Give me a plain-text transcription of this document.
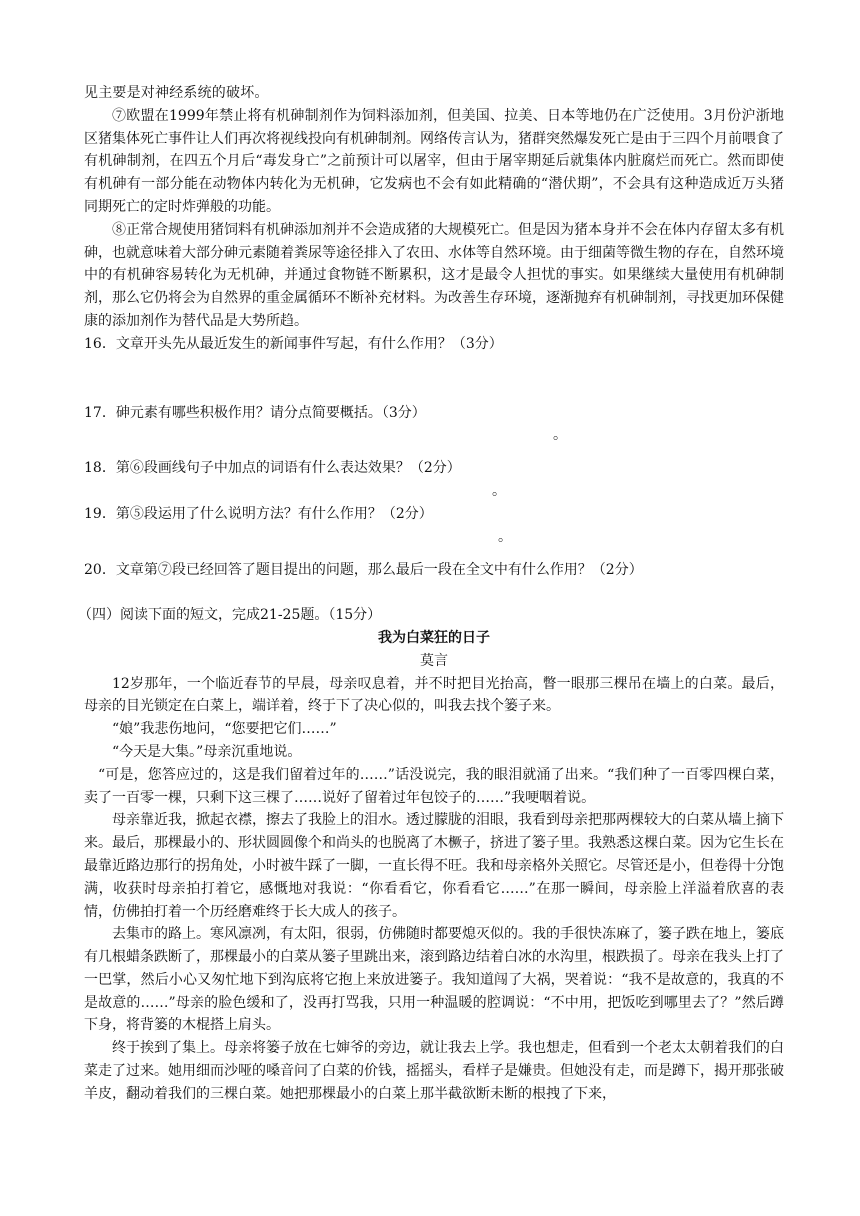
见主要是对神经系统的破坏。
⑦欧盟在1999年禁止将有机砷制剂作为饲料添加剂，但美国、拉美、日本等地仍在广泛使用。3月份沪浙地区猪集体死亡事件让人们再次将视线投向有机砷制剂。网络传言认为，猪群突然爆发死亡是由于三四个月前喂食了有机砷制剂，在四五个月后“毒发身亡”之前预计可以屠宰，但由于屠宰期延后就集体内脏腐烂而死亡。然而即使有机砷有一部分能在动物体内转化为无机砷，它发病也不会有如此精确的“潜伏期”，不会具有这种造成近万头猪同期死亡的定时炸弹般的功能。
⑧正常合规使用猪饲料有机砷添加剂并不会造成猪的大规模死亡。但是因为猪本身并不会在体内存留太多有机砷，也就意味着大部分砷元素随着粪尿等途径排入了农田、水体等自然环境。由于细菌等微生物的存在，自然环境中的有机砷容易转化为无机砷，并通过食物链不断累积，这才是最令人担忧的事实。如果继续大量使用有机砷制剂，那么它仍将会为自然界的重金属循环不断补充材料。为改善生存环境，逐渐抛弃有机砷制剂，寻找更加环保健康的添加剂作为替代品是大势所趋。
16．文章开头先从最近发生的新闻事件写起，有什么作用？（3分）
17．砷元素有哪些积极作用？请分点简要概括。（3分）
。
18．第⑥段画线句子中加点的词语有什么表达效果？（2分）
。
19．第⑤段运用了什么说明方法？有什么作用？（2分）
。
20．文章第⑦段已经回答了题目提出的问题，那么最后一段在全文中有什么作用？（2分）
（四）阅读下面的短文，完成21-25题。（15分）
我为白菜狂的日子
莫言
12岁那年，一个临近春节的早晨，母亲叹息着，并不时把目光抬高，瞥一眼那三棵吊在墙上的白菜。最后，母亲的目光锁定在白菜上，端详着，终于下了决心似的，叫我去找个篓子来。
“娘”我悲伤地问，“您要把它们……”
“今天是大集。”母亲沉重地说。
“可是，您答应过的，这是我们留着过年的……”话没说完，我的眼泪就涌了出来。“我们种了一百零四棵白菜，卖了一百零一棵，只剩下这三棵了……说好了留着过年包饺子的……”我哽咽着说。
母亲靠近我，掀起衣襟，擦去了我脸上的泪水。透过朦胧的泪眼，我看到母亲把那两棵较大的白菜从墙上摘下来。最后，那棵最小的、形状圆圆像个和尚头的也脱离了木橛子，挤进了篓子里。我熟悉这棵白菜。因为它生长在最靠近路边那行的拐角处，小时被牛踩了一脚，一直长得不旺。我和母亲格外关照它。尽管还是小，但卷得十分饱满，收获时母亲拍打着它，感慨地对我说：“你看看它，你看看它……”在那一瞬间，母亲脸上洋溢着欣喜的表情，仿佛拍打着一个历经磨难终于长大成人的孩子。
去集市的路上。寒风凛冽，有太阳，很弱，仿佛随时都要熄灭似的。我的手很快冻麻了，篓子跌在地上，篓底有几根蜡条跌断了，那棵最小的白菜从篓子里跳出来，滚到路边结着白冰的水沟里，根跌损了。母亲在我头上打了一巴掌，然后小心又匆忙地下到沟底将它抱上来放进篓子。我知道闯了大祸，哭着说：“我不是故意的，我真的不是故意的……”母亲的脸色缓和了，没再打骂我，只用一种温暖的腔调说：“不中用，把饭吃到哪里去了？”然后蹲下身，将背篓的木棍搭上肩头。
终于挨到了集上。母亲将篓子放在七婶爷的旁边，就让我去上学。我也想走，但看到一个老太太朝着我们的白菜走了过来。她用细而沙哑的嗓音问了白菜的价钱，摇摇头，看样子是嫌贵。但她没有走，而是蹲下，揭开那张破羊皮，翻动着我们的三棵白菜。她把那棵最小的白菜上那半截欲断未断的根拽了下来，
